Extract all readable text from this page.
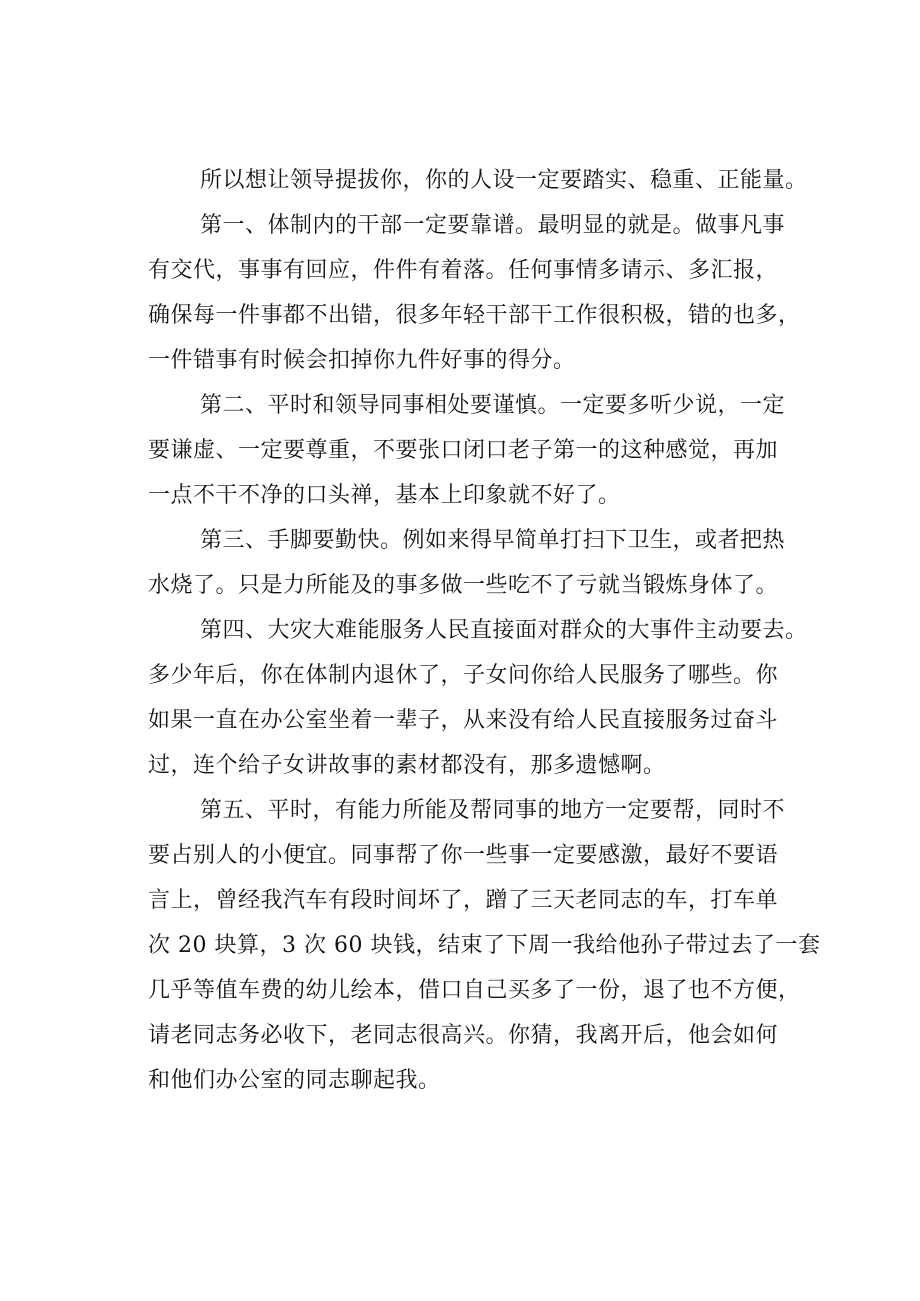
所以想让领导提拔你，你的人设一定要踏实、稳重、正能量。
第一、体制内的干部一定要靠谱。最明显的就是。做事凡事
有交代，事事有回应，件件有着落。任何事情多请示、多汇报，
确保每一件事都不出错，很多年轻干部干工作很积极，错的也多，
一件错事有时候会扣掉你九件好事的得分。
第二、平时和领导同事相处要谨慎。一定要多听少说，一定
要谦虚、一定要尊重，不要张口闭口老子第一的这种感觉，再加
一点不干不净的口头禅，基本上印象就不好了。
第三、手脚要勤快。例如来得早简单打扫下卫生，或者把热
水烧了。只是力所能及的事多做一些吃不了亏就当锻炼身体了。
第四、大灾大难能服务人民直接面对群众的大事件主动要去。
多少年后，你在体制内退休了，子女问你给人民服务了哪些。你
如果一直在办公室坐着一辈子，从来没有给人民直接服务过奋斗
过，连个给子女讲故事的素材都没有，那多遗憾啊。
第五、平时，有能力所能及帮同事的地方一定要帮，同时不
要占别人的小便宜。同事帮了你一些事一定要感激，最好不要语
言上，曾经我汽车有段时间坏了，蹭了三天老同志的车，打车单
次 20 块算，3 次 60 块钱，结束了下周一我给他孙子带过去了一套
几乎等值车费的幼儿绘本，借口自己买多了一份，退了也不方便，
请老同志务必收下，老同志很高兴。你猜，我离开后，他会如何
和他们办公室的同志聊起我。
